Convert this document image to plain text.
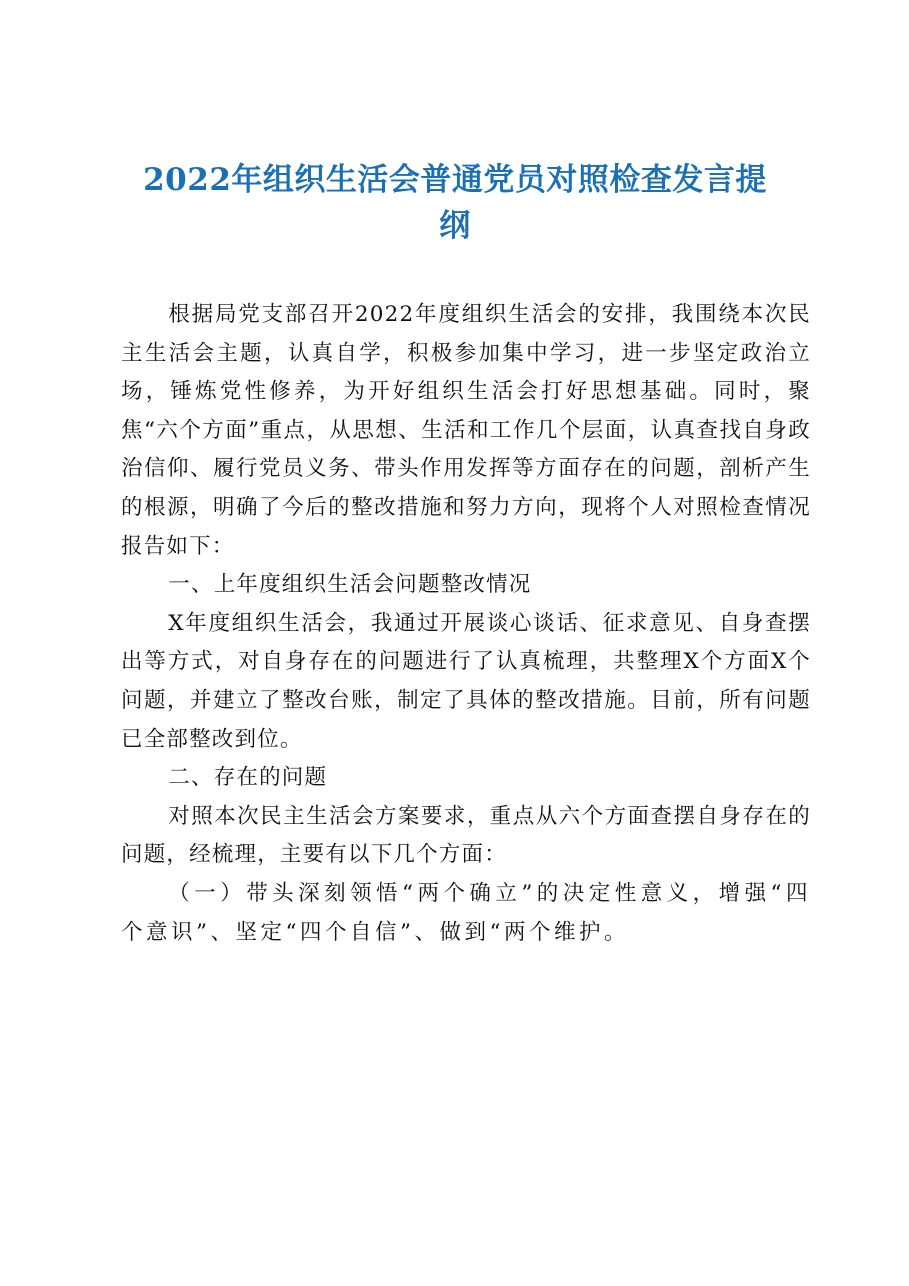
2022年组织生活会普通党员对照检查发言提纲

根据局党支部召开2022年度组织生活会的安排，我围绕本次民主生活会主题，认真自学，积极参加集中学习，进一步坚定政治立场，锤炼党性修养，为开好组织生活会打好思想基础。同时，聚焦“六个方面”重点，从思想、生活和工作几个层面，认真查找自身政治信仰、履行党员义务、带头作用发挥等方面存在的问题，剖析产生的根源，明确了今后的整改措施和努力方向，现将个人对照检查情况报告如下：

一、上年度组织生活会问题整改情况

X年度组织生活会，我通过开展谈心谈话、征求意见、自身查摆出等方式，对自身存在的问题进行了认真梳理，共整理X个方面X个问题，并建立了整改台账，制定了具体的整改措施。目前，所有问题已全部整改到位。

二、存在的问题

对照本次民主生活会方案要求，重点从六个方面查摆自身存在的问题，经梳理，主要有以下几个方面：

（一）带头深刻领悟“两个确立”的决定性意义，增强“四个意识”、坚定“四个自信”、做到“两个维护。
